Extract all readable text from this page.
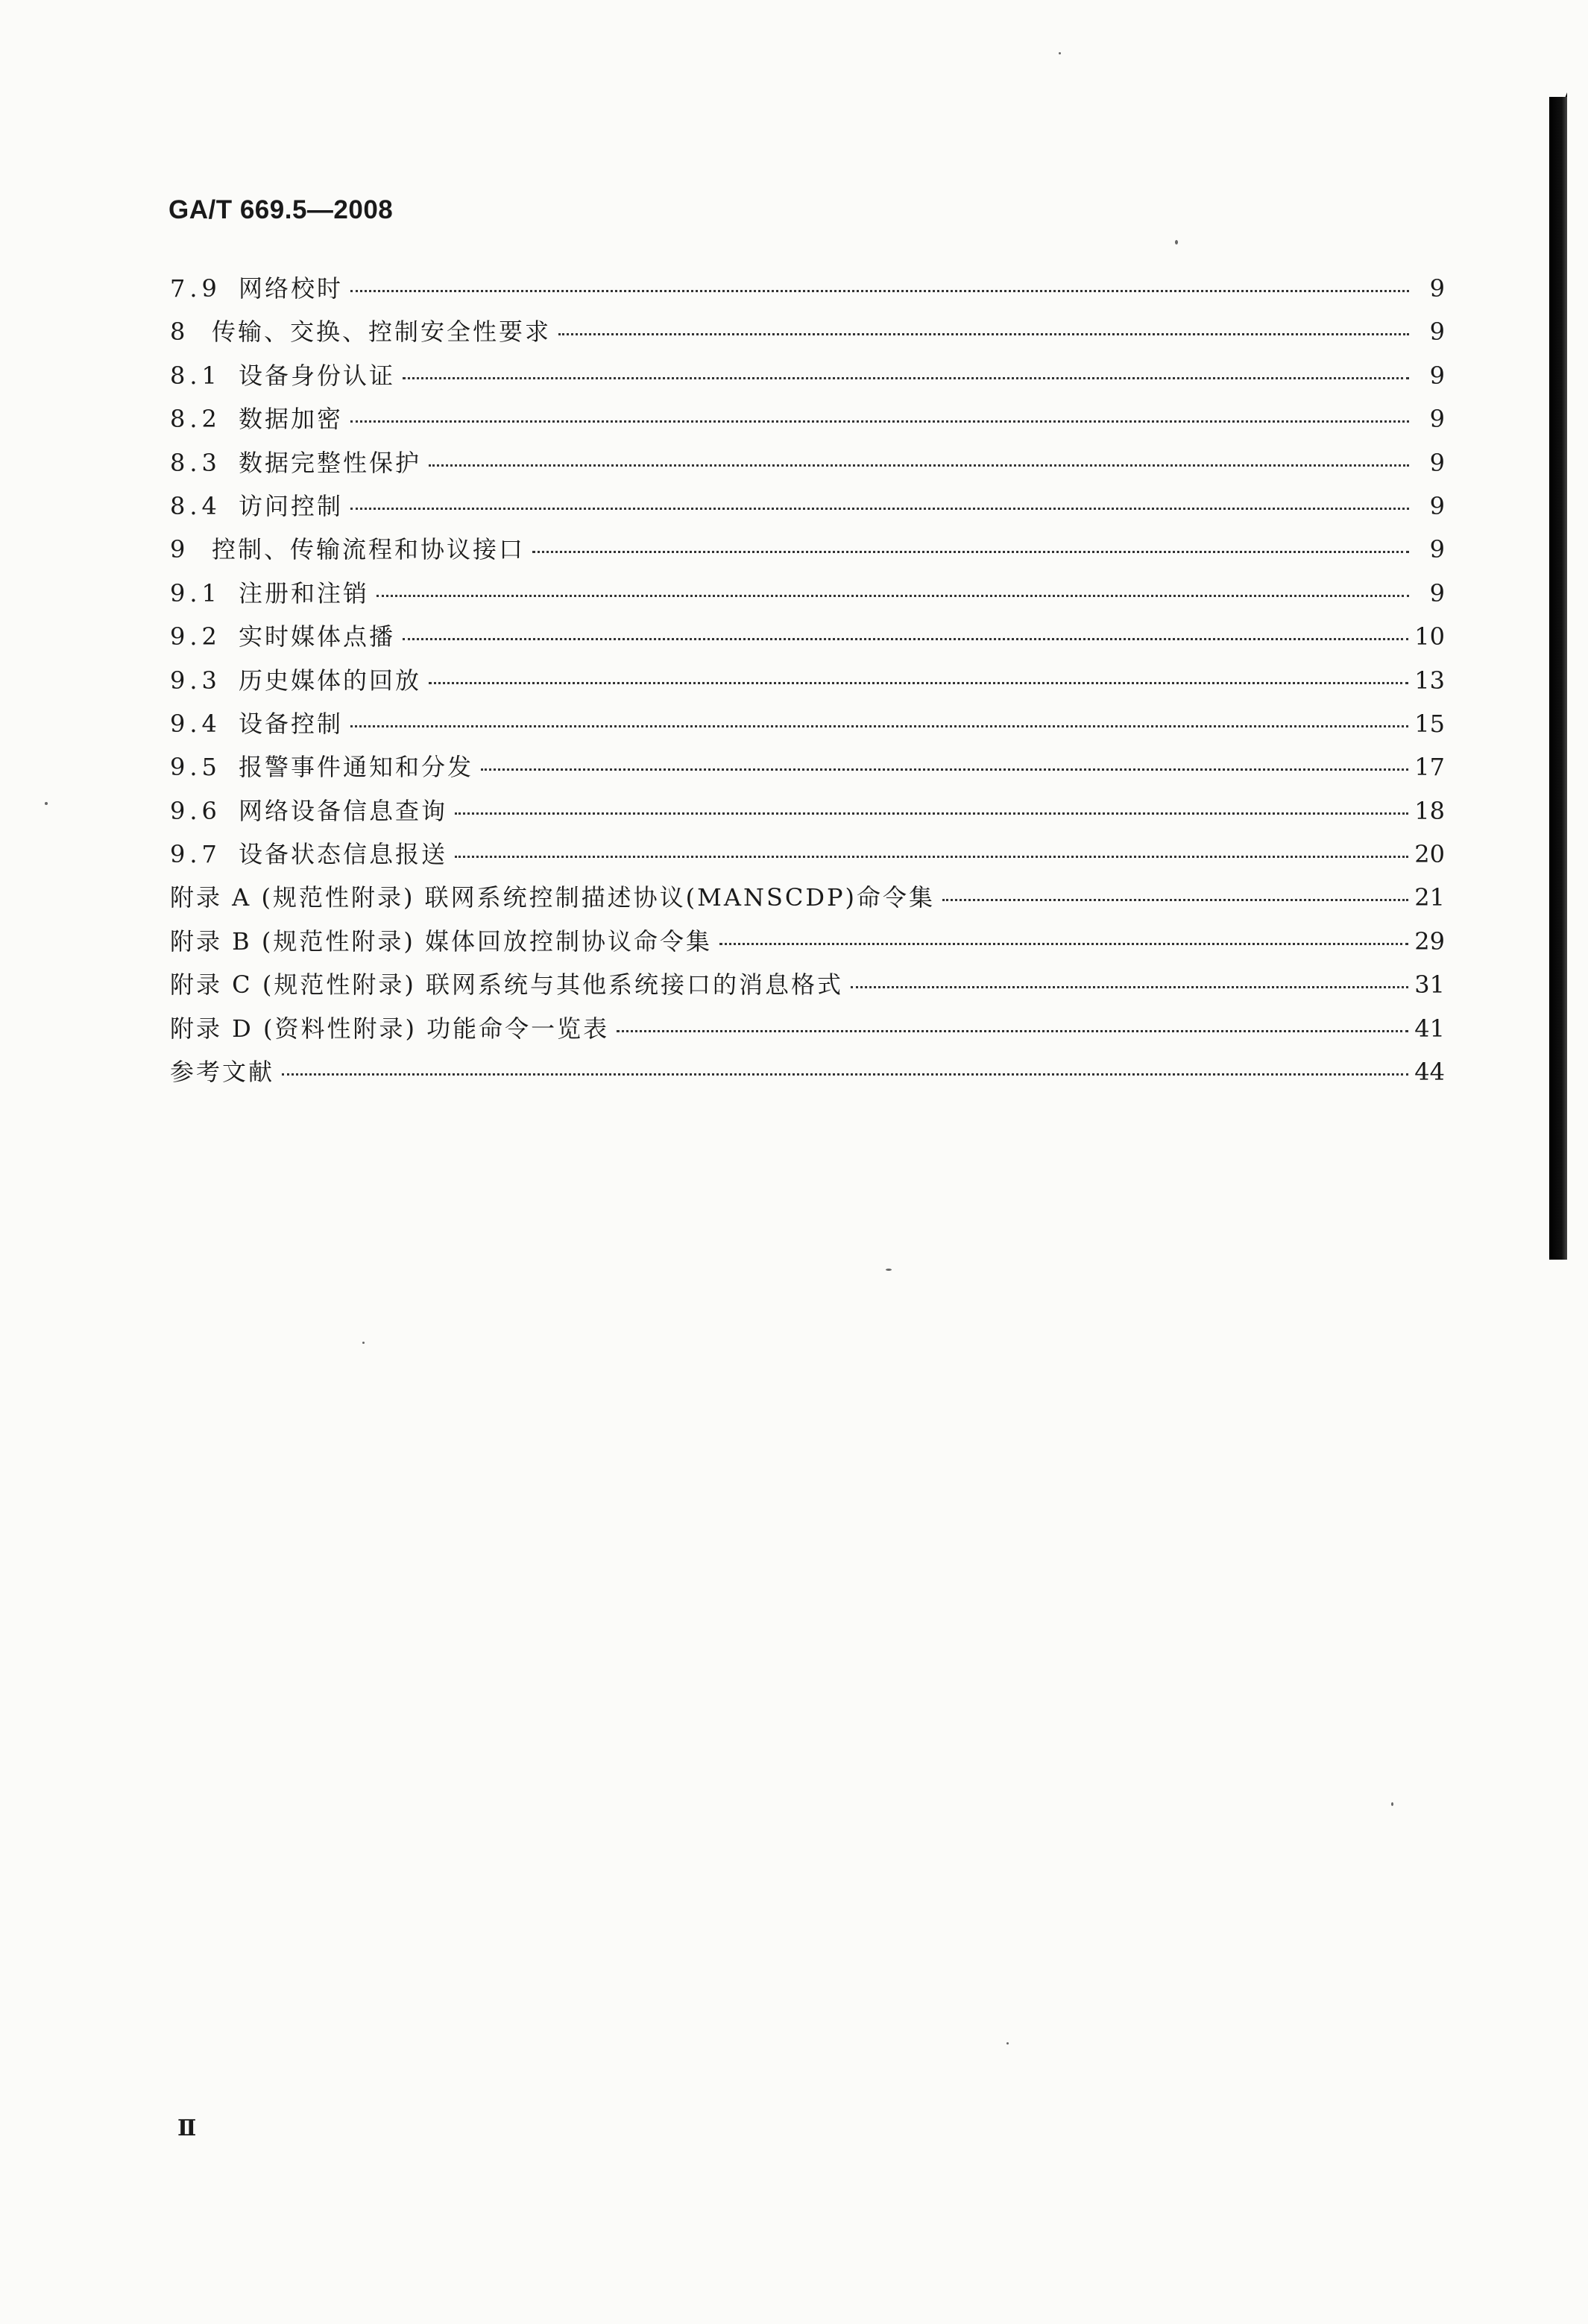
GA/T 669.5—2008
7.9 网络校时	9
8 传输、交换、控制安全性要求	9
8.1 设备身份认证	9
8.2 数据加密	9
8.3 数据完整性保护	9
8.4 访问控制	9
9 控制、传输流程和协议接口	9
9.1 注册和注销	9
9.2 实时媒体点播	10
9.3 历史媒体的回放	13
9.4 设备控制	15
9.5 报警事件通知和分发	17
9.6 网络设备信息查询	18
9.7 设备状态信息报送	20
附录 A (规范性附录) 联网系统控制描述协议(MANSCDP)命令集	21
附录 B (规范性附录) 媒体回放控制协议命令集	29
附录 C (规范性附录) 联网系统与其他系统接口的消息格式	31
附录 D (资料性附录) 功能命令一览表	41
参考文献	44
Ⅱ
